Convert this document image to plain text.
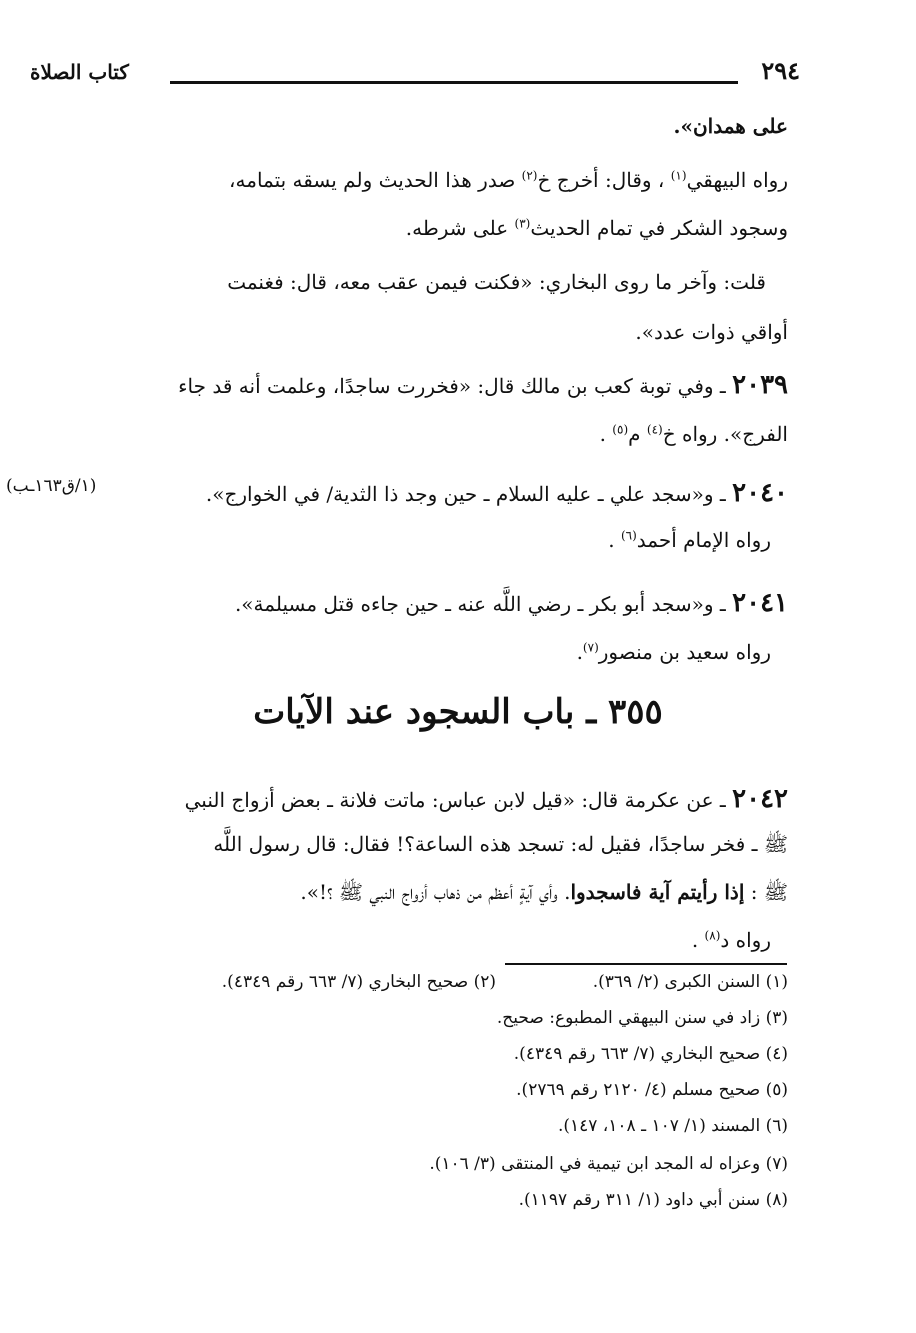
٢٩٤
كتاب الصلاة
على همدان».
رواه البيهقي$^{(١)}$ ، وقال: أخرج خ$^{(٢)}$ صدر هذا الحديث ولم يسقه بتمامه،
وسجود الشكر في تمام الحديث$^{(٣)}$ على شرطه.
قلت: وآخر ما روى البخاري: «فكنت فيمن عقب معه، قال: فغنمت
أواقي ذوات عدد».
٢٠٣٩ ـ وفي توبة كعب بن مالك قال: «فخررت ساجدًا، وعلمت أنه قد جاء
الفرج». رواه خ$^{(٤)}$ م$^{(٥)}$ .
(١/ق١٦٣ـب)	٢٠٤٠ ـ و«سجد علي ـ عليه السلام ـ حين وجد ذا الثدية/ في الخوارج».
رواه الإمام أحمد$^{(٦)}$ .
٢٠٤١ ـ و«سجد أبو بكر ـ رضي اللَّه عنه ـ حين جاءه قتل مسيلمة».
رواه سعيد بن منصور$^{(٧)}$.
٣٥٥ ـ باب السجود عند الآيات
٢٠٤٢ ـ عن عكرمة قال: «قيل لابن عباس: ماتت فلانة ـ بعض أزواج النبي
ﷺ ـ فخر ساجدًا، فقيل له: تسجد هذه الساعة؟! فقال: قال رسول اللَّه
ﷺ : إذا رأيتم آية فاسجدوا. وأي آيةٍ أعظم من ذهاب أزواج النبي ﷺ ؟!».
رواه د$^{(٨)}$ .
(١) السنن الكبرى (٢/ ٣٦٩).
(٢) صحيح البخاري (٧/ ٦٦٣ رقم ٤٣٤٩).
(٣) زاد في سنن البيهقي المطبوع: صحيح.
(٤) صحيح البخاري (٧/ ٦٦٣ رقم ٤٣٤٩).
(٥) صحيح مسلم (٤/ ٢١٢٠ رقم ٢٧٦٩).
(٦) المسند (١/ ١٠٧ ـ ١٠٨، ١٤٧).
(٧) وعزاه له المجد ابن تيمية في المنتقى (٣/ ١٠٦).
(٨) سنن أبي داود (١/ ٣١١ رقم ١١٩٧).
